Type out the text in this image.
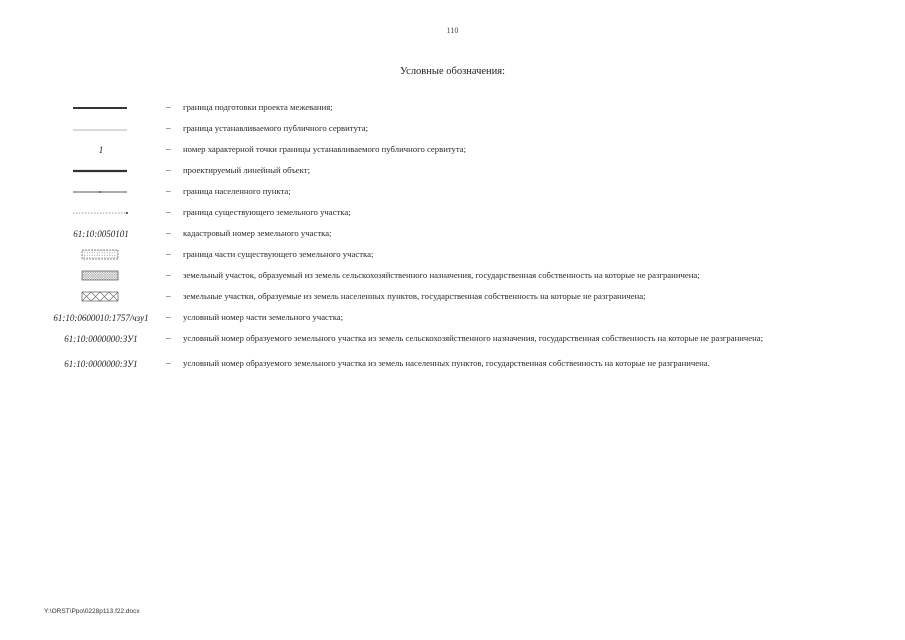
110
Условные обозначения:
– граница подготовки проекта межевания;
– граница устанавливаемого публичного сервитута;
1	– номер характерной точки границы устанавливаемого публичного сервитута;
– проектируемый линейный объект;
– граница населенного пункта;
– граница существующего земельного участка;
61:10:0050101	– кадастровый номер земельного участка;
– граница части существующего земельного участка;
– земельный участок, образуемый из земель сельскохозяйственного назначения, государственная собственность на которые не разграничена;
– земельные участки, образуемые из земель населенных пунктов, государственная собственность на которые не разграничена;
61:10:0600010:1757/чзу1 – условный номер части земельного участка;
61:10:0000000:ЗУ1	– условный номер образуемого земельного участка из земель сельскохозяйственного назначения, государственная собственность на которые не разграничена;
61:10:0000000:ЗУ1	– условный номер образуемого земельного участка из земель населенных пунктов, государственная собственность на которые не разграничена.
Y:\ORST\Ppo\0228p113.f22.docx
